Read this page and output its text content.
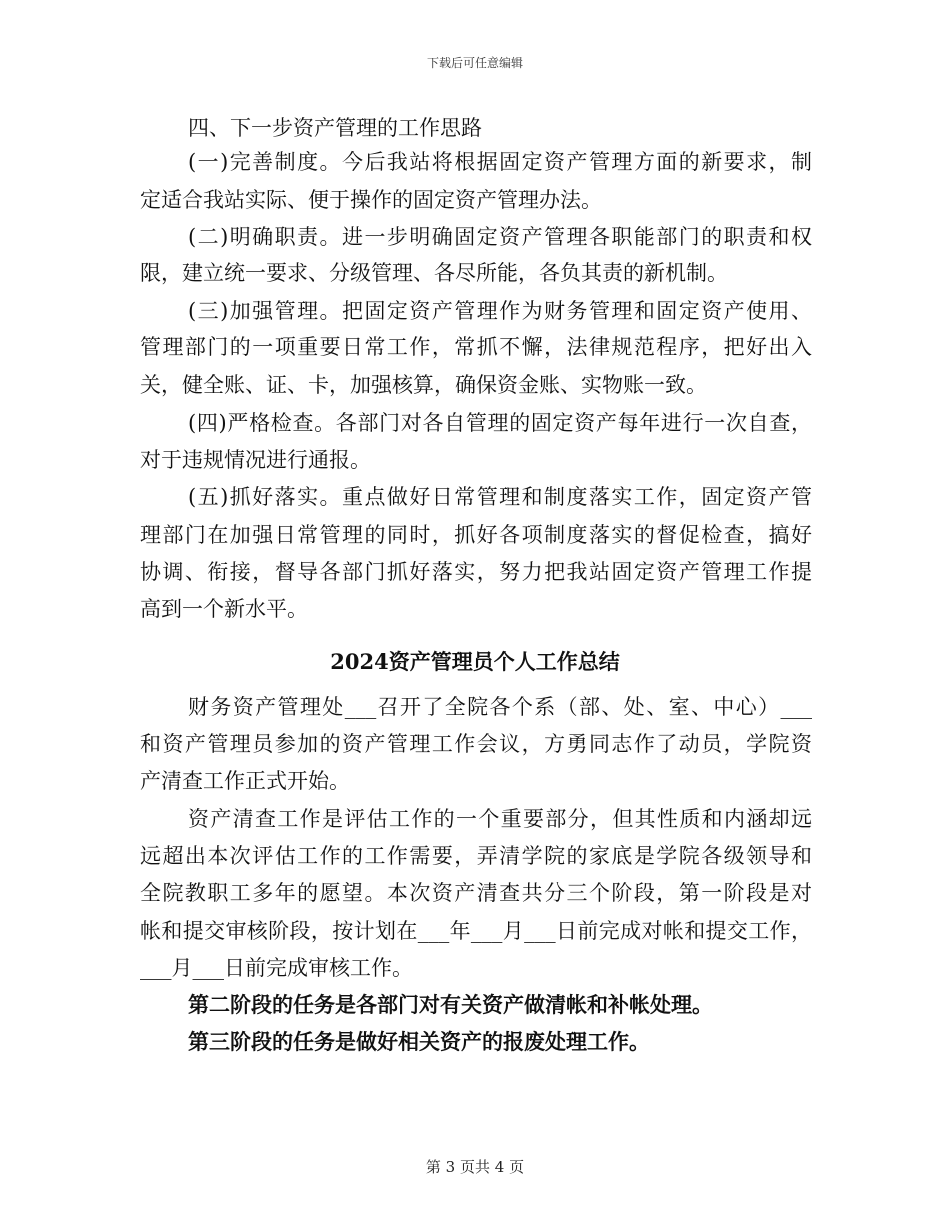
下载后可任意编辑
四、下一步资产管理的工作思路
(一)完善制度。今后我站将根据固定资产管理方面的新要求，制
定适合我站实际、便于操作的固定资产管理办法。
(二)明确职责。进一步明确固定资产管理各职能部门的职责和权
限，建立统一要求、分级管理、各尽所能，各负其责的新机制。
(三)加强管理。把固定资产管理作为财务管理和固定资产使用、
管理部门的一项重要日常工作，常抓不懈，法律规范程序，把好出入
关，健全账、证、卡，加强核算，确保资金账、实物账一致。
(四)严格检查。各部门对各自管理的固定资产每年进行一次自查，
对于违规情况进行通报。
(五)抓好落实。重点做好日常管理和制度落实工作，固定资产管
理部门在加强日常管理的同时，抓好各项制度落实的督促检查，搞好
协调、衔接，督导各部门抓好落实，努力把我站固定资产管理工作提
高到一个新水平。
2024资产管理员个人工作总结
财务资产管理处___召开了全院各个系（部、处、室、中心）___
和资产管理员参加的资产管理工作会议，方勇同志作了动员，学院资
产清查工作正式开始。
资产清查工作是评估工作的一个重要部分，但其性质和内涵却远
远超出本次评估工作的工作需要，弄清学院的家底是学院各级领导和
全院教职工多年的愿望。本次资产清查共分三个阶段，第一阶段是对
帐和提交审核阶段，按计划在___年___月___日前完成对帐和提交工作，
___月___日前完成审核工作。
第二阶段的任务是各部门对有关资产做清帐和补帐处理。
第三阶段的任务是做好相关资产的报废处理工作。
第 3 页共 4 页
